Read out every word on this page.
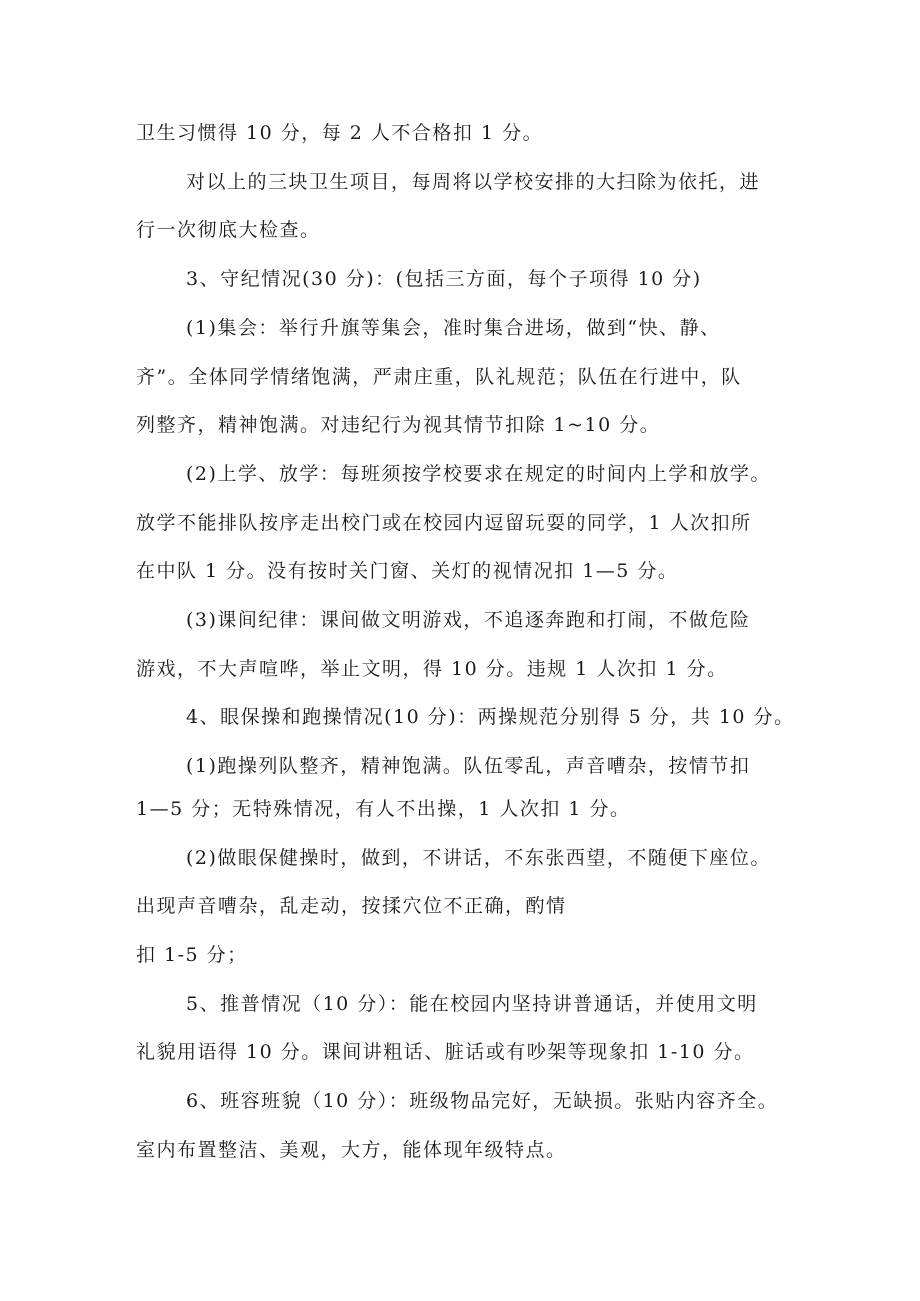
卫生习惯得 10 分，每 2 人不合格扣 1 分。

对以上的三块卫生项目，每周将以学校安排的大扫除为依托，进

行一次彻底大检查。

3、守纪情况(30 分)：(包括三方面，每个子项得 10 分)

(1)集会：举行升旗等集会，准时集合进场，做到“快、静、

齐”。全体同学情绪饱满，严肃庄重，队礼规范；队伍在行进中，队

列整齐，精神饱满。对违纪行为视其情节扣除 1~10 分。

(2)上学、放学：每班须按学校要求在规定的时间内上学和放学。

放学不能排队按序走出校门或在校园内逗留玩耍的同学，1 人次扣所

在中队 1 分。没有按时关门窗、关灯的视情况扣 1—5 分。

(3)课间纪律：课间做文明游戏，不追逐奔跑和打闹，不做危险

游戏，不大声喧哗，举止文明，得 10 分。违规 1 人次扣 1 分。

4、眼保操和跑操情况(10 分)：两操规范分别得 5 分，共 10 分。

(1)跑操列队整齐，精神饱满。队伍零乱，声音嘈杂，按情节扣

1—5 分；无特殊情况，有人不出操，1 人次扣 1 分。

(2)做眼保健操时，做到，不讲话，不东张西望，不随便下座位。

出现声音嘈杂，乱走动，按揉穴位不正确，酌情

扣 1-5 分；

5、推普情况（10 分）：能在校园内坚持讲普通话，并使用文明

礼貌用语得 10 分。课间讲粗话、脏话或有吵架等现象扣 1-10 分。

6、班容班貌（10 分）：班级物品完好，无缺损。张贴内容齐全。

室内布置整洁、美观，大方，能体现年级特点。
